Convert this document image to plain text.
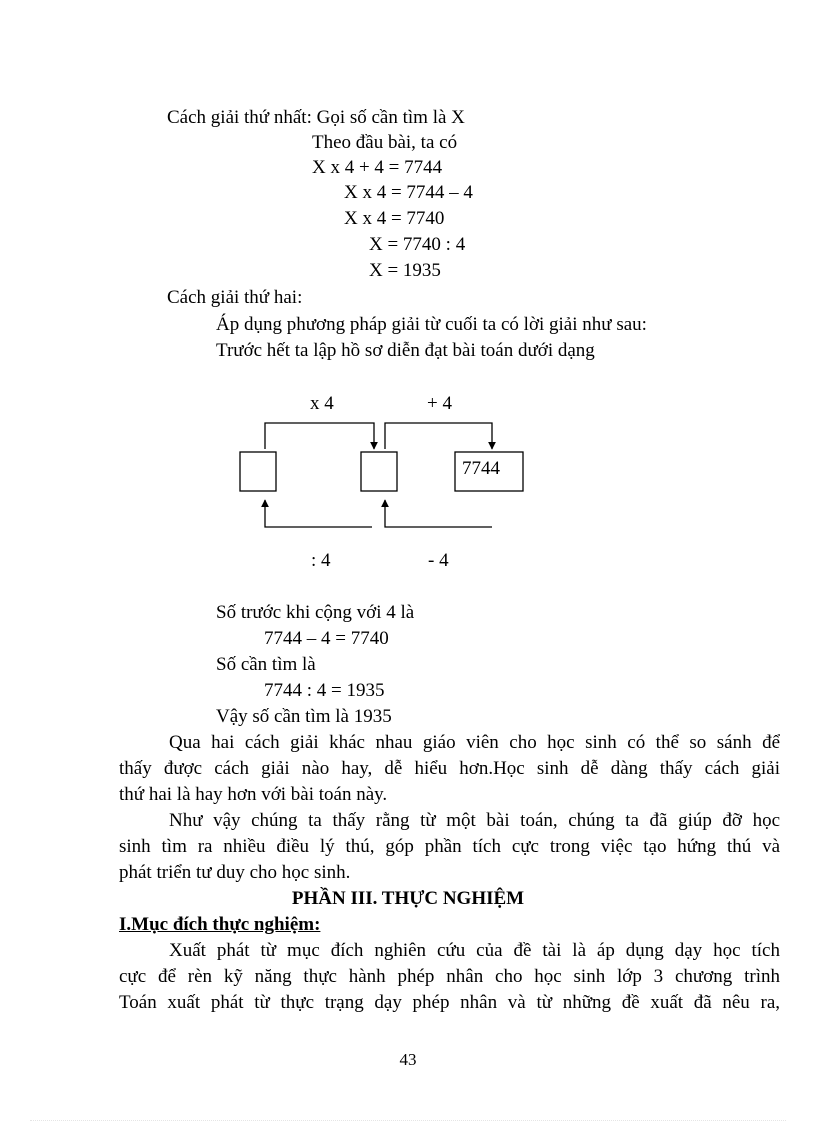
Cách giải thứ nhất: Gọi số cần tìm là X

Theo đầu bài, ta có

X x 4 + 4 = 7744

X x 4 = 7744 – 4

X x 4 = 7740

X = 7740 : 4

X = 1935

Cách giải thứ hai:

Áp dụng phương pháp giải từ cuối ta có lời giải như sau:

Trước hết ta lập hồ sơ diễn đạt bài toán dưới dạng

x 4	+ 4
7744
: 4	- 4

Số trước khi cộng với 4 là

7744 – 4 = 7740

Số cần tìm là

7744 : 4 = 1935

Vậy số cần tìm là 1935

Qua hai cách giải khác nhau giáo viên cho học sinh có thể so sánh để

thấy được cách giải nào hay, dễ hiểu hơn.Học sinh dễ dàng thấy cách giải

thứ hai là hay hơn với bài toán này.

Như vậy chúng ta thấy rằng từ một bài toán, chúng ta đã giúp đỡ học

sinh tìm ra nhiều điều lý thú, góp phần tích cực trong việc tạo hứng thú và

phát triển tư duy cho học sinh.

PHẦN III. THỰC NGHIỆM

I.Mục đích thực nghiệm:

Xuất phát từ mục đích nghiên cứu của đề tài là áp dụng dạy học tích

cực để rèn kỹ năng thực hành phép nhân cho học sinh lớp 3 chương trình

Toán xuất phát từ thực trạng dạy phép nhân và từ những đề xuất đã nêu ra,

43
